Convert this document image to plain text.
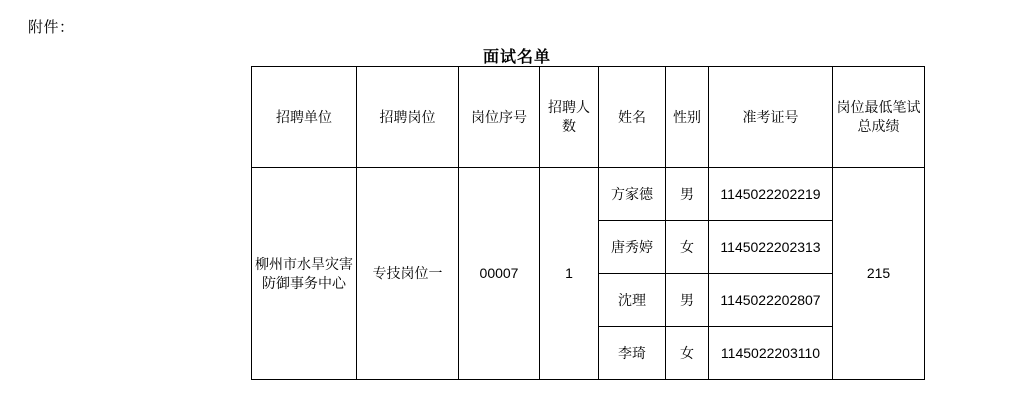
附件：
面试名单
招聘单位	招聘岗位	岗位序号	招聘人数	姓名	性别	准考证号	岗位最低笔试总成绩
柳州市水旱灾害防御事务中心	专技岗位一	00007	1	方家德	男	1145022202219	215
				唐秀婷	女	1145022202313	
				沈理	男	1145022202807	
				李琦	女	1145022203110	
